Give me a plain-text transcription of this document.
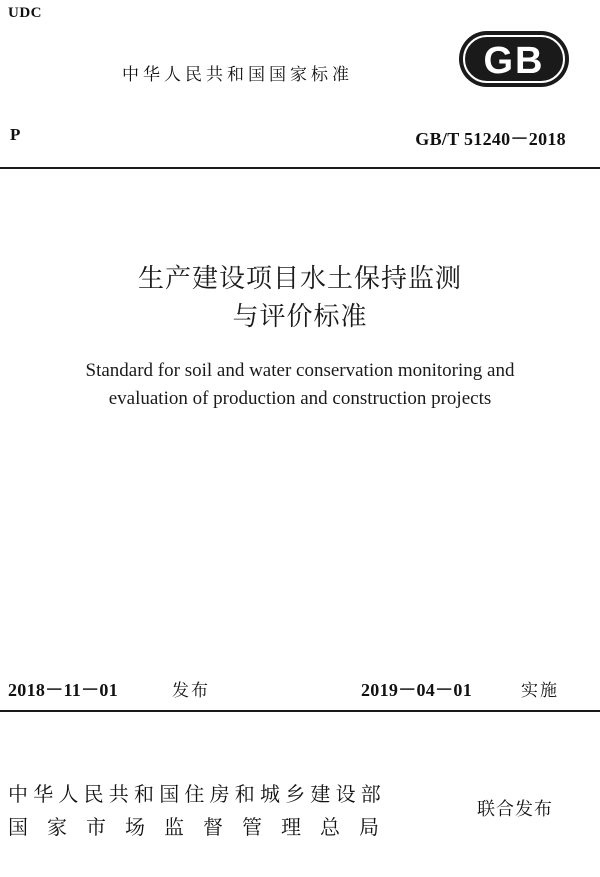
UDC
中华人民共和国国家标准	GB
P	GB/T 51240－2018
生产建设项目水土保持监测
与评价标准
Standard for soil and water conservation monitoring and
evaluation of production and construction projects
2018－11－01	发布	2019－04－01	实施
中华人民共和国住房和城乡建设部
国家市场监督管理总局
联合发布
